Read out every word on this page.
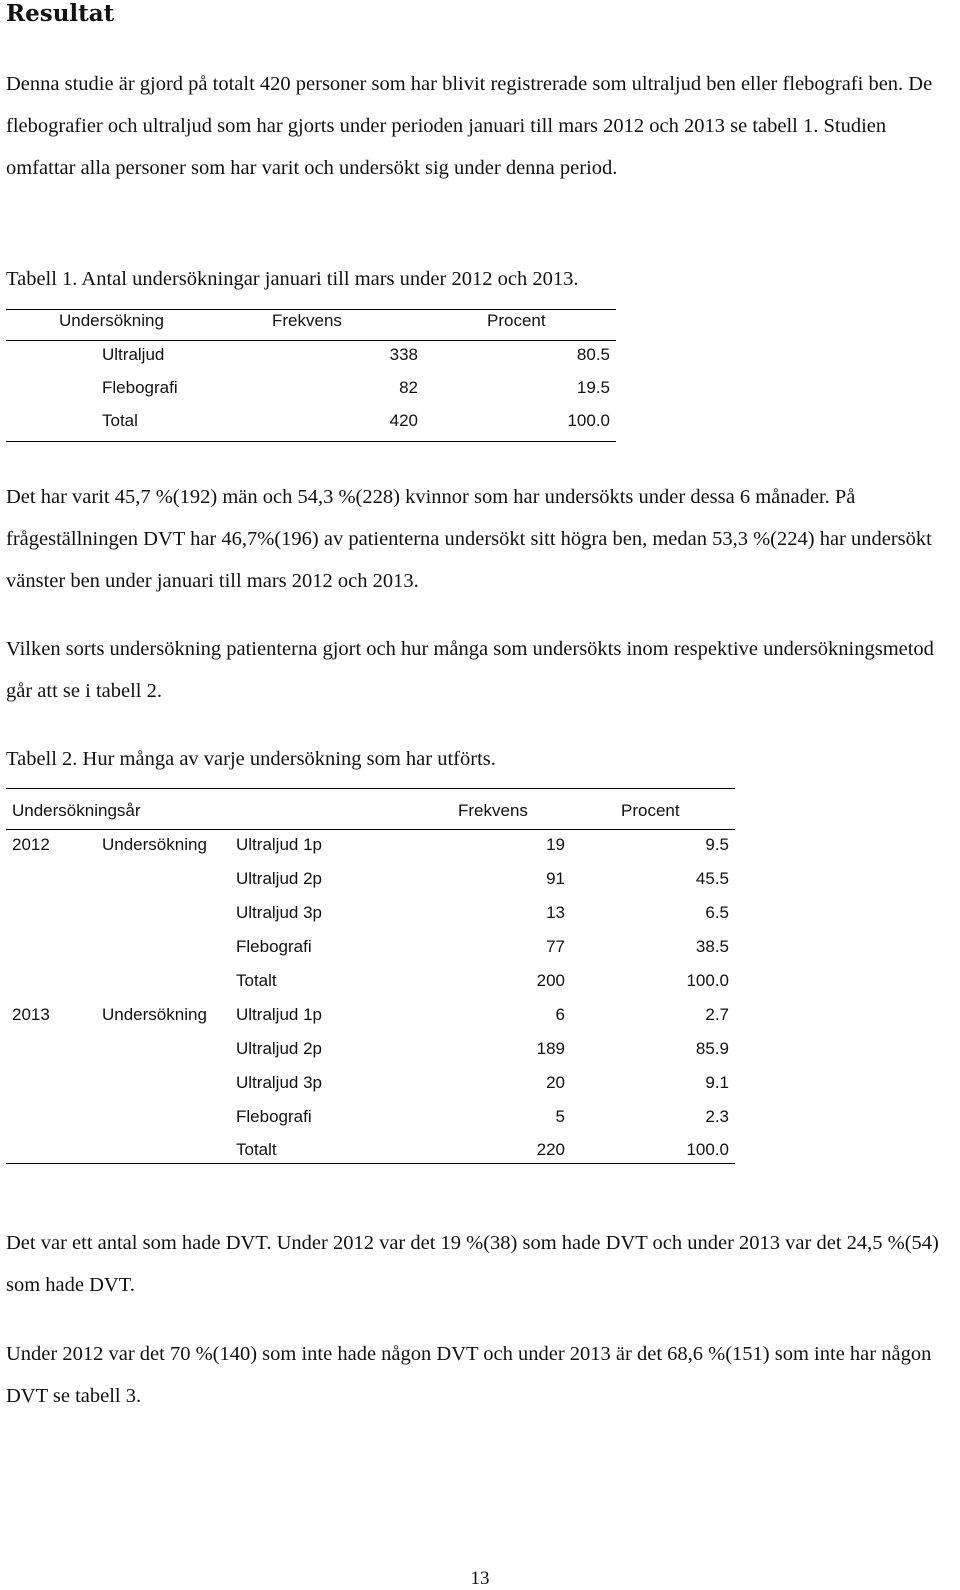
Resultat
Denna studie är gjord på totalt 420 personer som har blivit registrerade som ultraljud ben eller flebografi ben. De flebografier och ultraljud som har gjorts under perioden januari till mars 2012 och 2013 se tabell 1. Studien omfattar alla personer som har varit och undersökt sig under denna period.
Tabell 1. Antal undersökningar januari till mars under 2012 och 2013.
Undersökning	Frekvens	Procent
Ultraljud	338	80.5
Flebografi	82	19.5
Total	420	100.0
Det har varit 45,7 %(192) män och 54,3 %(228) kvinnor som har undersökts under dessa 6 månader. På frågeställningen DVT har 46,7%(196) av patienterna undersökt sitt högra ben, medan 53,3 %(224) har undersökt vänster ben under januari till mars 2012 och 2013.
Vilken sorts undersökning patienterna gjort och hur många som undersökts inom respektive undersökningsmetod går att se i tabell 2.
Tabell 2. Hur många av varje undersökning som har utförts.
Undersökningsår	Frekvens	Procent
2012	Undersökning Ultraljud 1p	19	9.5
Ultraljud 2p	91	45.5
Ultraljud 3p	13	6.5
Flebografi	77	38.5
Totalt	200	100.0
2013	Undersökning Ultraljud 1p	6	2.7
Ultraljud 2p	189	85.9
Ultraljud 3p	20	9.1
Flebografi	5	2.3
Totalt	220	100.0
Det var ett antal som hade DVT. Under 2012 var det 19 %(38) som hade DVT och under 2013 var det 24,5 %(54) som hade DVT.
Under 2012 var det 70 %(140) som inte hade någon DVT och under 2013 är det 68,6 %(151) som inte har någon DVT se tabell 3.
13
